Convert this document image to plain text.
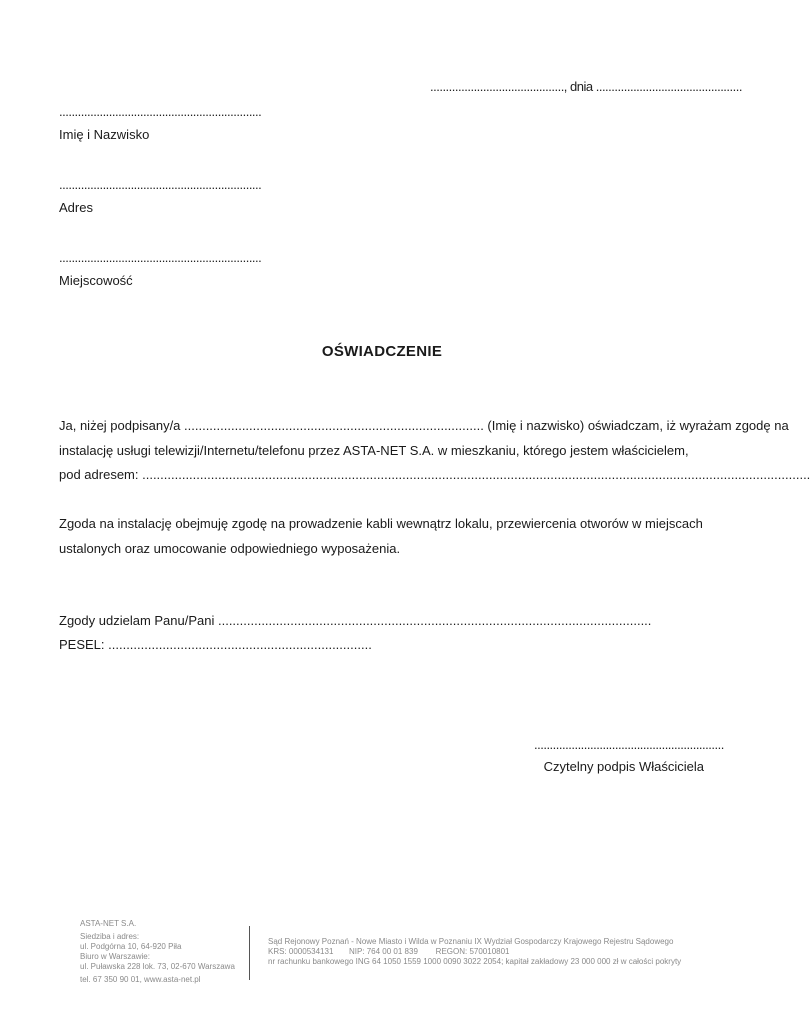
..........................................., dnia ...............................................
.................................................................
Imię i Nazwisko
.................................................................
Adres
.................................................................
Miejscowość
OŚWIADCZENIE
Ja, niżej podpisany/a ................................................................................... (Imię i nazwisko) oświadczam, iż wyrażam zgodę na
instalację usługi telewizji/Internetu/telefonu przez ASTA-NET S.A. w mieszkaniu, którego jestem właścicielem,
pod adresem: .........................................................................................................................................................................................
Zgoda na instalację obejmuję zgodę na prowadzenie kabli wewnątrz lokalu, przewiercenia otworów w miejscach
ustalonych oraz umocowanie odpowiedniego wyposażenia.
Zgody udzielam Panu/Pani ........................................................................................................................
PESEL: .........................................................................
.............................................................
Czytelny podpis Właściciela
ASTA-NET S.A.
Siedziba i adres:
ul. Podgórna 10, 64-920 Piła
Biuro w Warszawie:
ul. Puławska 228 lok. 73, 02-670 Warszawa
tel. 67 350 90 01, www.asta-net.pl
Sąd Rejonowy Poznań - Nowe Miasto i Wilda w Poznaniu IX Wydział Gospodarczy Krajowego Rejestru Sądowego
KRS: 0000534131       NIP: 764 00 01 839        REGON: 570010801
nr rachunku bankowego ING 64 1050 1559 1000 0090 3022 2054; kapitał zakładowy 23 000 000 zł w całości pokryty
